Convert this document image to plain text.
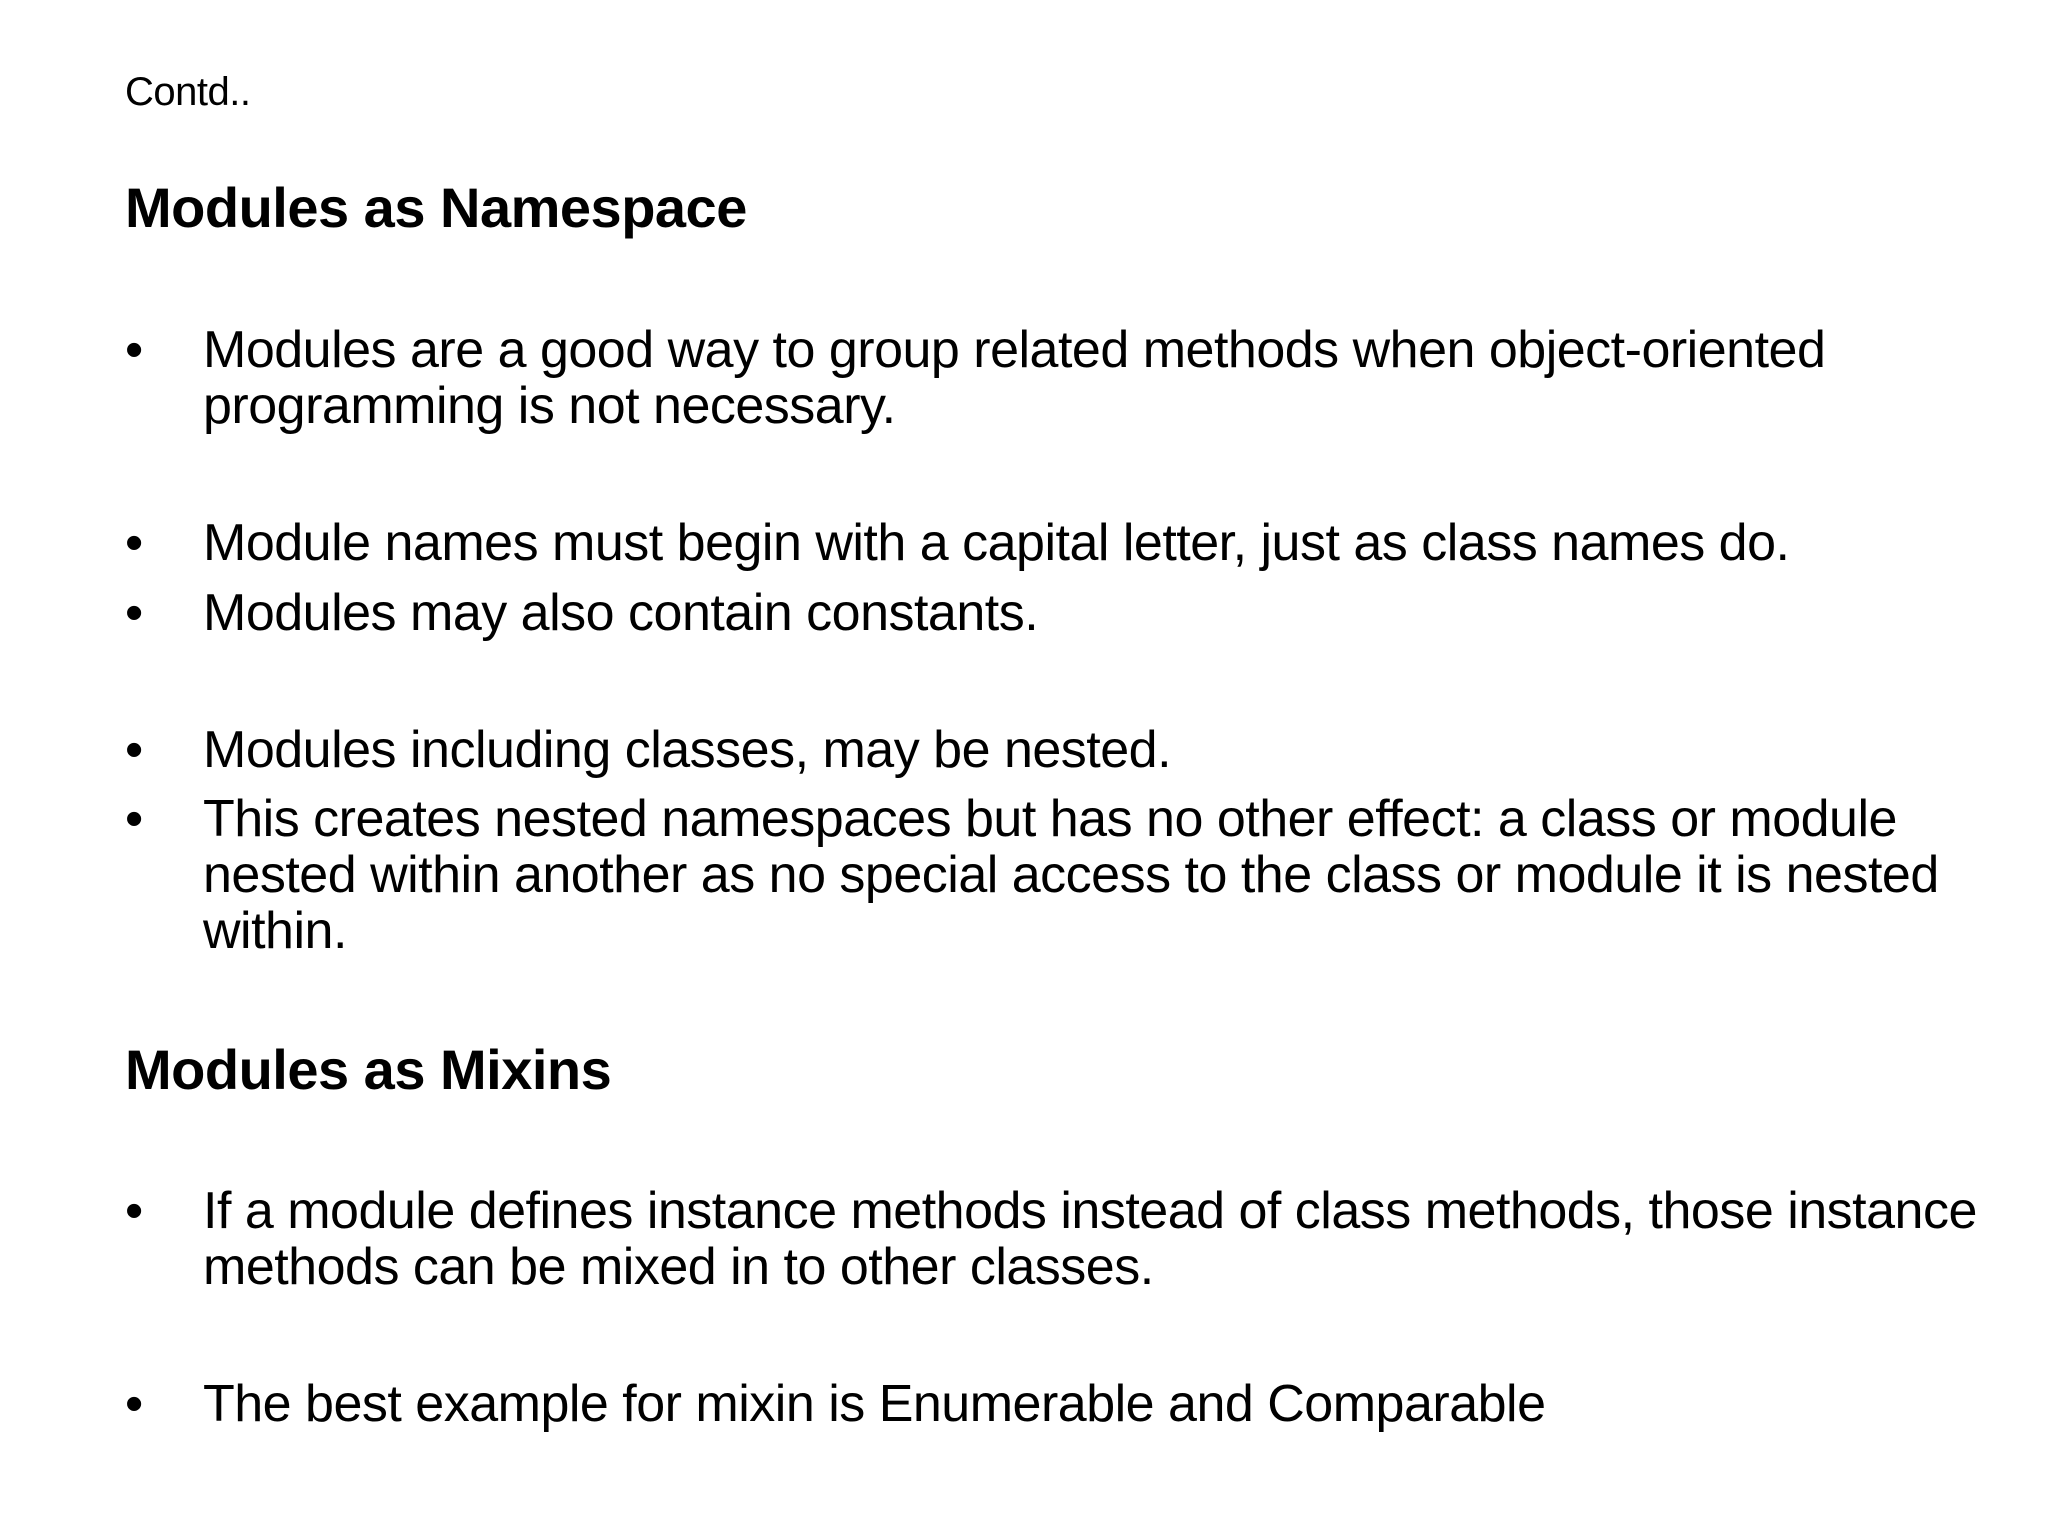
Contd..
Modules as Namespace
•	Modules are a good way to group related methods when object-oriented programming is not necessary.
•	Module names must begin with a capital letter, just as class names do.
•	Modules may also contain constants.
•	Modules including classes, may be nested.
•	This creates nested namespaces but has no other effect: a class or module nested within another as no special access to the class or module it is nested within.
Modules as Mixins
•	If a module defines instance methods instead of class methods, those instance methods can be mixed in to other classes.
•	The best example for mixin is Enumerable and Comparable
